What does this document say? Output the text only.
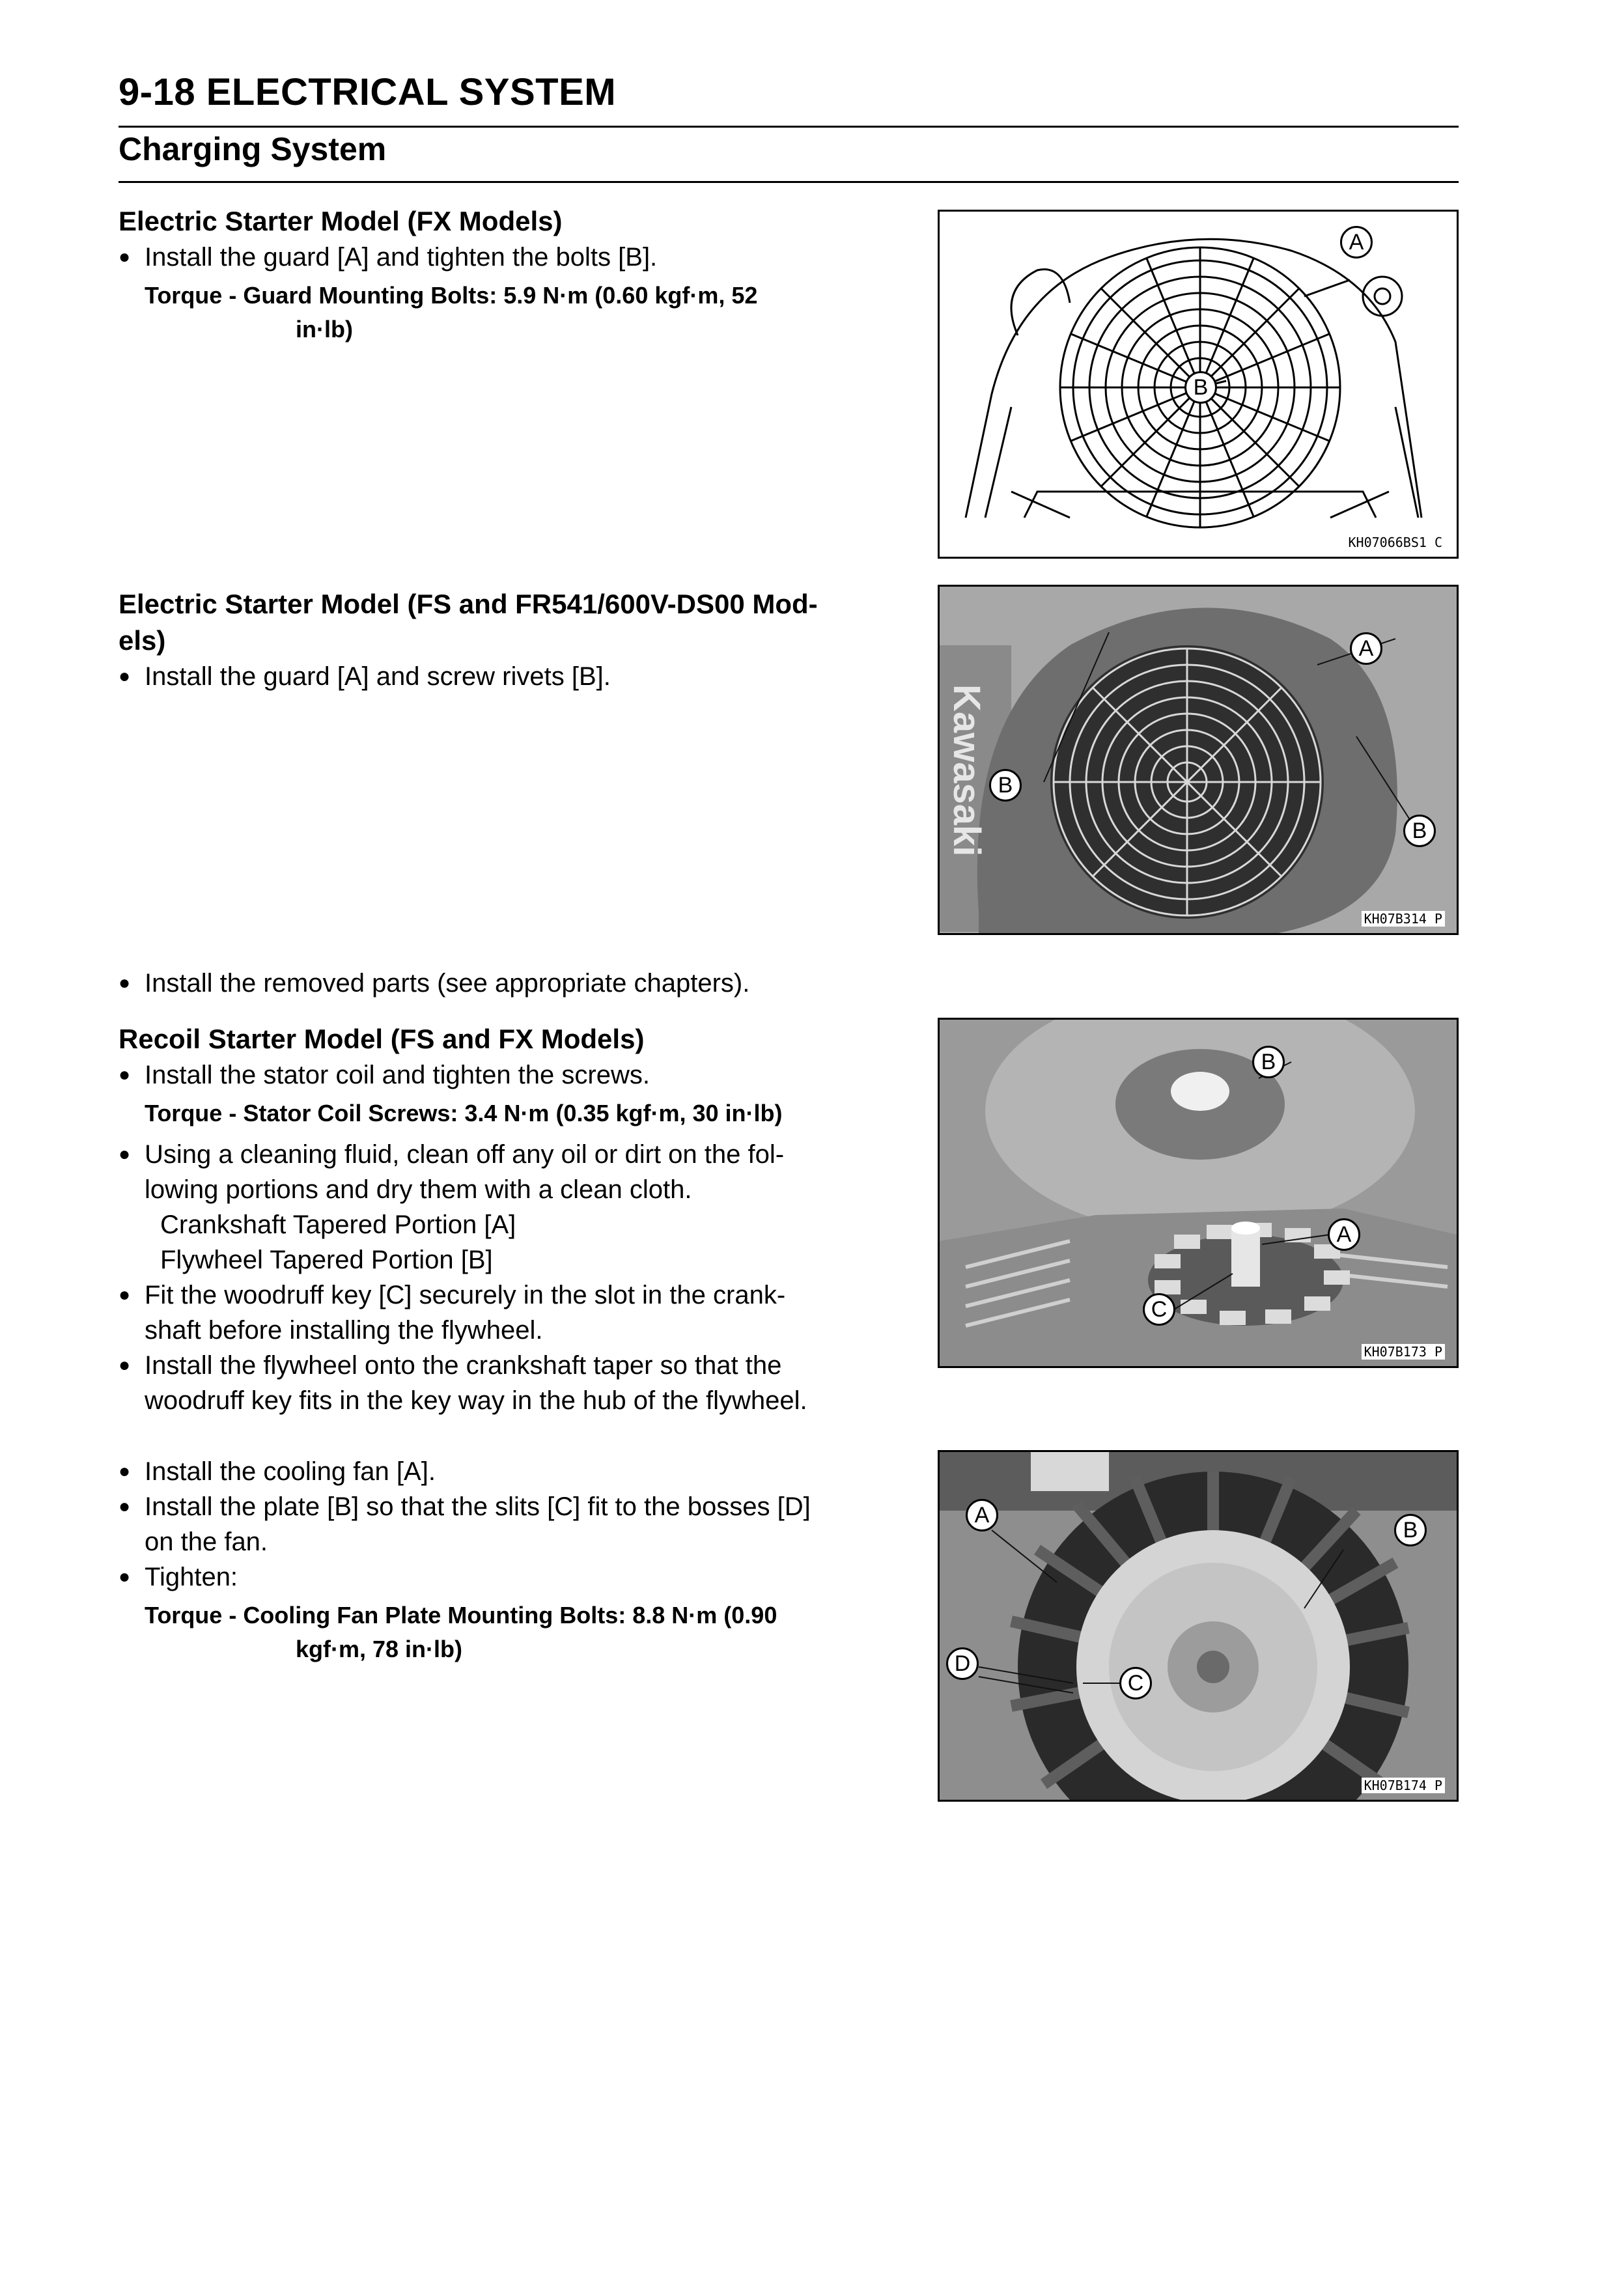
9-18 ELECTRICAL SYSTEM
Charging System

Electric Starter Model (FX Models)

● Install the guard [A] and tighten the bolts [B].

Torque - Guard Mounting Bolts: 5.9 N·m (0.60 kgf·m, 52
in·lb)

A
B
KH07066BS1 C

Electric Starter Model (FS and FR541/600V-DS00 Mod-

els)

● Install the guard [A] and screw rivets [B].

Kawasaki
A
B
B
KH07B314 P

● Install the removed parts (see appropriate chapters).

Recoil Starter Model (FS and FX Models)

● Install the stator coil and tighten the screws.

Torque - Stator Coil Screws: 3.4 N·m (0.35 kgf·m, 30 in·lb)

● Using a cleaning fluid, clean off any oil or dirt on the fol-

lowing portions and dry them with a clean cloth.

Crankshaft Tapered Portion [A]

Flywheel Tapered Portion [B]

● Fit the woodruff key [C] securely in the slot in the crank-

shaft before installing the flywheel.

● Install the flywheel onto the crankshaft taper so that the

woodruff key fits in the key way in the hub of the flywheel.

B
A
C
KH07B173 P

● Install the cooling fan [A].

● Install the plate [B] so that the slits [C] fit to the bosses [D]

on the fan.

● Tighten:

Torque - Cooling Fan Plate Mounting Bolts: 8.8 N·m (0.90
kgf·m, 78 in·lb)

A
B
D
C
KH07B174 P
